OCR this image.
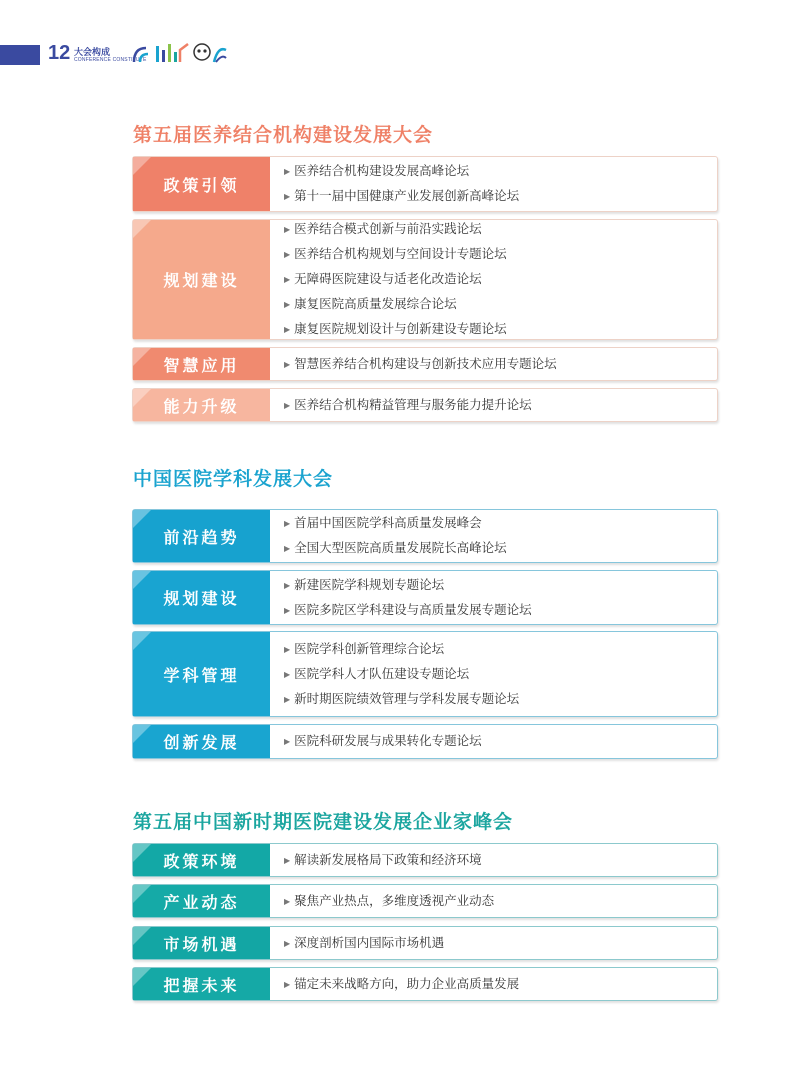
12 大会构成
CONFERENCE CONSTITUTE
第五届医养结合机构建设发展大会
政策引领
▶ 医养结合机构建设发展高峰论坛
▶ 第十一届中国健康产业发展创新高峰论坛
规划建设
▶ 医养结合模式创新与前沿实践论坛
▶ 医养结合机构规划与空间设计专题论坛
▶ 无障碍医院建设与适老化改造论坛
▶ 康复医院高质量发展综合论坛
▶ 康复医院规划设计与创新建设专题论坛
智慧应用	▶ 智慧医养结合机构建设与创新技术应用专题论坛
能力升级	▶ 医养结合机构精益管理与服务能力提升论坛
中国医院学科发展大会
前沿趋势
▶ 首届中国医院学科高质量发展峰会
▶ 全国大型医院高质量发展院长高峰论坛
规划建设
▶ 新建医院学科规划专题论坛
▶ 医院多院区学科建设与高质量发展专题论坛
学科管理
▶ 医院学科创新管理综合论坛
▶ 医院学科人才队伍建设专题论坛
▶ 新时期医院绩效管理与学科发展专题论坛
创新发展	▶ 医院科研发展与成果转化专题论坛
第五届中国新时期医院建设发展企业家峰会
政策环境	▶ 解读新发展格局下政策和经济环境
产业动态	▶ 聚焦产业热点，多维度透视产业动态
市场机遇	▶ 深度剖析国内国际市场机遇
把握未来	▶ 锚定未来战略方向，助力企业高质量发展
